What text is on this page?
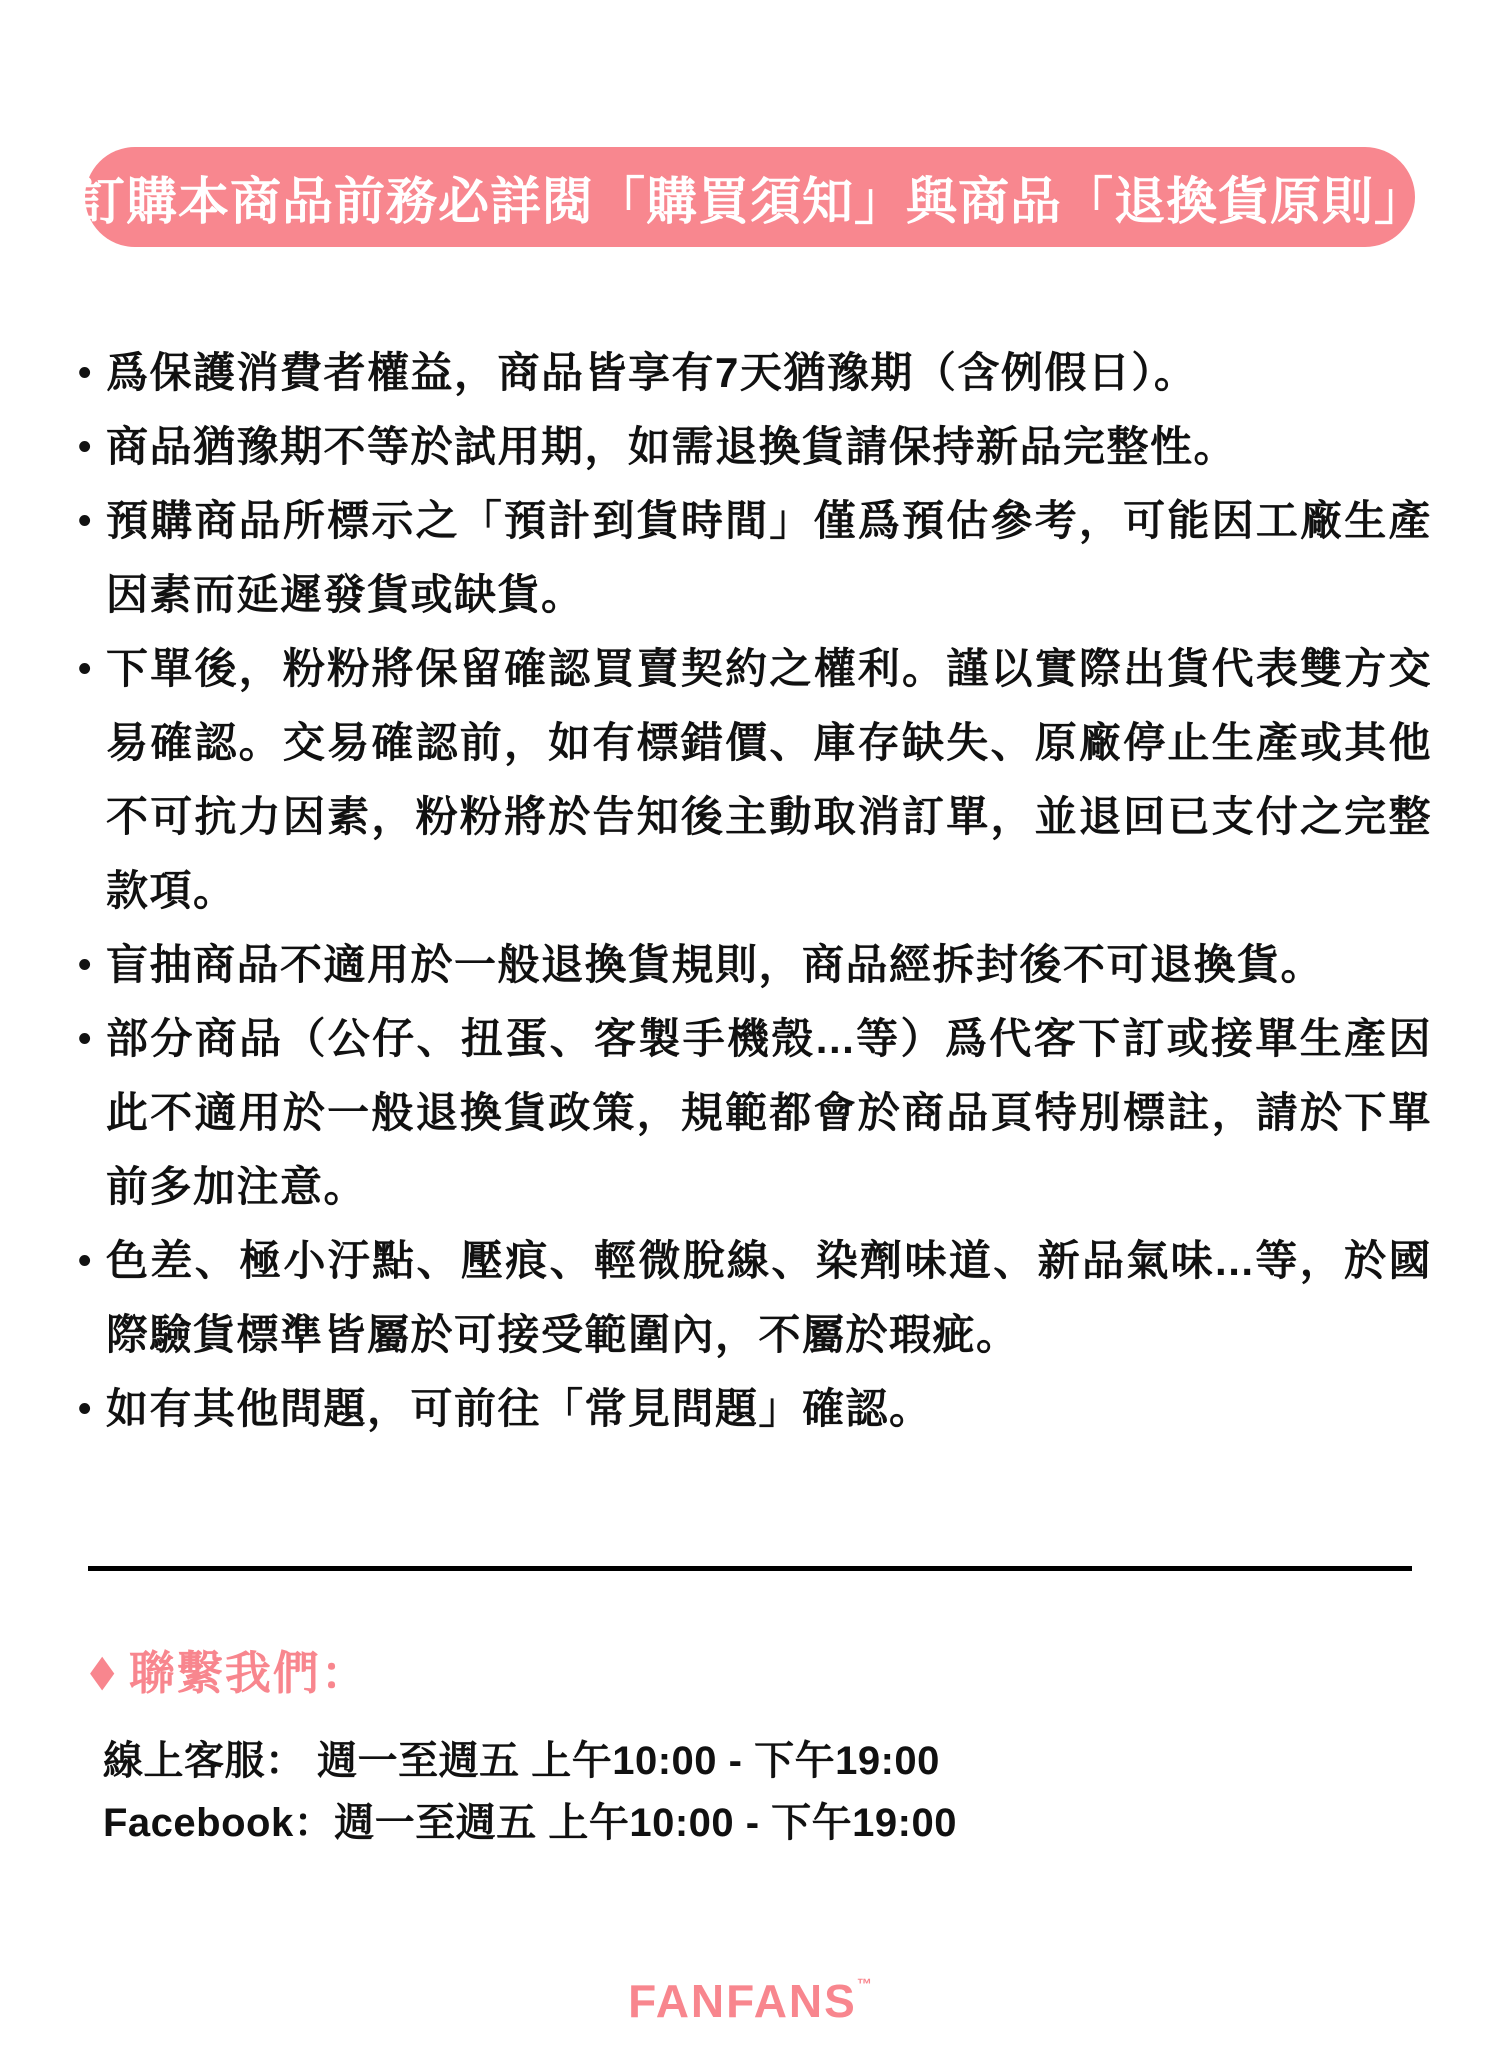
訂購本商品前務必詳閱「購買須知」與商品「退換貨原則」
• 爲保護消費者權益，商品皆享有7天猶豫期（含例假日）。
• 商品猶豫期不等於試用期，如需退換貨請保持新品完整性。
• 預購商品所標示之「預計到貨時間」僅爲預估參考，可能因工廠生產因素而延遲發貨或缺貨。
• 下單後，粉粉將保留確認買賣契約之權利。謹以實際出貨代表雙方交易確認。交易確認前，如有標錯價、庫存缺失、原廠停止生產或其他不可抗力因素，粉粉將於告知後主動取消訂單，並退回已支付之完整款項。
• 盲抽商品不適用於一般退換貨規則，商品經拆封後不可退換貨。
• 部分商品（公仔、扭蛋、客製手機殼...等）爲代客下訂或接單生產因此不適用於一般退換貨政策，規範都會於商品頁特別標註，請於下單前多加注意。
• 色差、極小汙點、壓痕、輕微脫線、染劑味道、新品氣味...等，於國際驗貨標準皆屬於可接受範圍內，不屬於瑕疵。
• 如有其他問題，可前往「常見問題」確認。
◆ 聯繫我們：
線上客服： 週一至週五 上午10:00 - 下午19:00
Facebook：週一至週五 上午10:00 - 下午19:00
FANFANS™
